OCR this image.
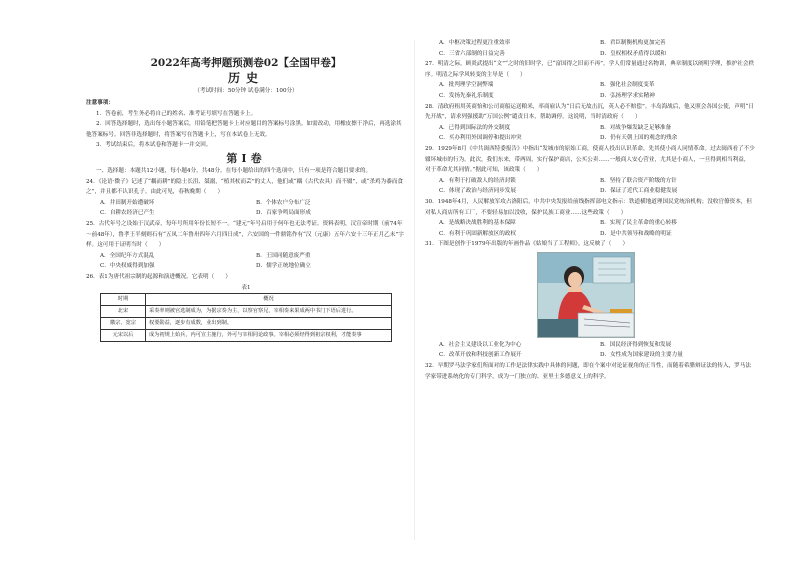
2022年高考押题预测卷02【全国甲卷】
历史
（考试时间：50分钟 试卷满分：100分）
注意事项：
1．答卷前，考生务必将自己的姓名、准考证号填写在答题卡上。
2．回答选择题时，选出每小题答案后，用铅笔把答题卡上对应题目的答案标号涂黑。如需改动，用橡皮擦干净后，再选涂其他答案标号。回答非选择题时，将答案写在答题卡上，写在本试卷上无效。
3．考试结束后，将本试卷和答题卡一并交回。
第Ⅰ卷
一、选择题：本题共12小题，每小题4分，共48分。在每小题给出的四个选项中，只有一项是符合题目要求的。
24．《论语·微子》记述了“耦而耕”的隐士长沮、桀溺，“植其杖而芸”的丈人，他们或“耦（古代农具）而不辍”，或“杀鸡为黍而食之”，并且都不认识孔子。由此可见，春秋晚期（　　）
A．井田制开始遭破坏	B．个体农户分布广泛
C．自耕农经济已产生	D．百家争鸣局面形成
25．古代年号之设始于汉武帝，每年号所用年份长短不一。“建元”年号启用于何年也无法考证。资料表明，汉宣帝时期（前74年～前48年），鲁孝王半刻则石有“五凤二年鲁卅四年六月四日成”，六安国的一件鼎铭作有“汉（元康）五年六安十三年正月乙未”字样。这可用于证明当时（　　）
A．全国纪年方式混乱	B．王国同随意废严重
C．中央权威得到加强	D．儒学正统地位确立
26．表1为唐代祖宗制的起源和演进概况。它表明（　　）
表1
时期	概况
北宋	采奏率则被官选制成为，为据宗奏为主，以察官察兄，宰相奏来果成两中书门下语后进行。
徽宗、宽宗	权要勋益，逐步有成数，业出到制。
元宋以后	成为初规上始兵，内可宣主施行，外可与宰相同论政事。宰相必须经得到祖宗权利，才能奏事
A．中枢决策过程更注重效率	B．君臣制衡机构更加完善
C．三省六部制的日益完善	D．皇权相权矛盾得以缓和
27．明清之际，顾炎武提出“文”“之时的旧时学，已“富国得之旧而不再”。学人们常量通过名物训，典章制度以阐明学理，推护社会秩序。明清之际学风转变的主导是（　　）
A．批判理学空洞弊端	B．强化社会制度变革
C．发扬先秦礼乐制度	D．弘扬理学求实精神
28．清政府租用英商怡和公司商船运送粮米，率商雇认为“日后无故击沉，英人必不赔偿”。丰岛海战后，他又照会各国公使，声明“日先开战”，请求列强援助“万国公例”谴责日本，帮助调停。这说明，当时清政府（　　）
A．已得到国际法的外交制度	B．对战争爆发缺乏足够准备
C．买办利用外国调停和提出冲突	D．仍有天朝上国的观念的残余
29．1929年8月《中共闽西特委报告》中指出“发城市的原始工商，使商人投出认识革命，先其使小商人同情革命。过去闽西看了不少辍坏城市的行为。此次，我们东来，带两周，实行保护商店，公买公卖……一般商人安心营业，尤其是小商人，一旦得到相当利益，对于革命尤其同情。”据此可知，该政策（　　）
A．有利于打破敌人的经济封锁	B．坚持了联合资产阶级的方针
C．体现了政治与经济同步发展	D．保证了近代工商业稳健发展
30．1948年4月，人民解放军攻占洛阳后，中共中央发报给前线指挥部电文指示：铁道横地道理国民党统治机构；没收官僚资本，但对私人商店所有工厂，不要轻易加以没收，保护民族工商业……这些政策（　　）
A．是战略决战胜利的基本保障	B．实现了民主革命的重心转移
C．有利于巩固新解放区的政权	D．是中共领导和战略的明证
31．下图是创作于1979年出版的年画作品《姑娘当了工程师》。这反映了（　　）
A．社会主义建设以工业化为中心	B．国民经济得到恢复和发展
C．改革开放和科技创新工作展开	D．女性成为国家建设的主要力量
32．早期罗马法学家们所面对的工作是法律实践中具体的问题，即在个案中对论证视角的正当性，而随着希腊辩证法的传入，罗马法学家带进系统化的专门科学，成为一门独立的、亚里士多德意义上的科学。
